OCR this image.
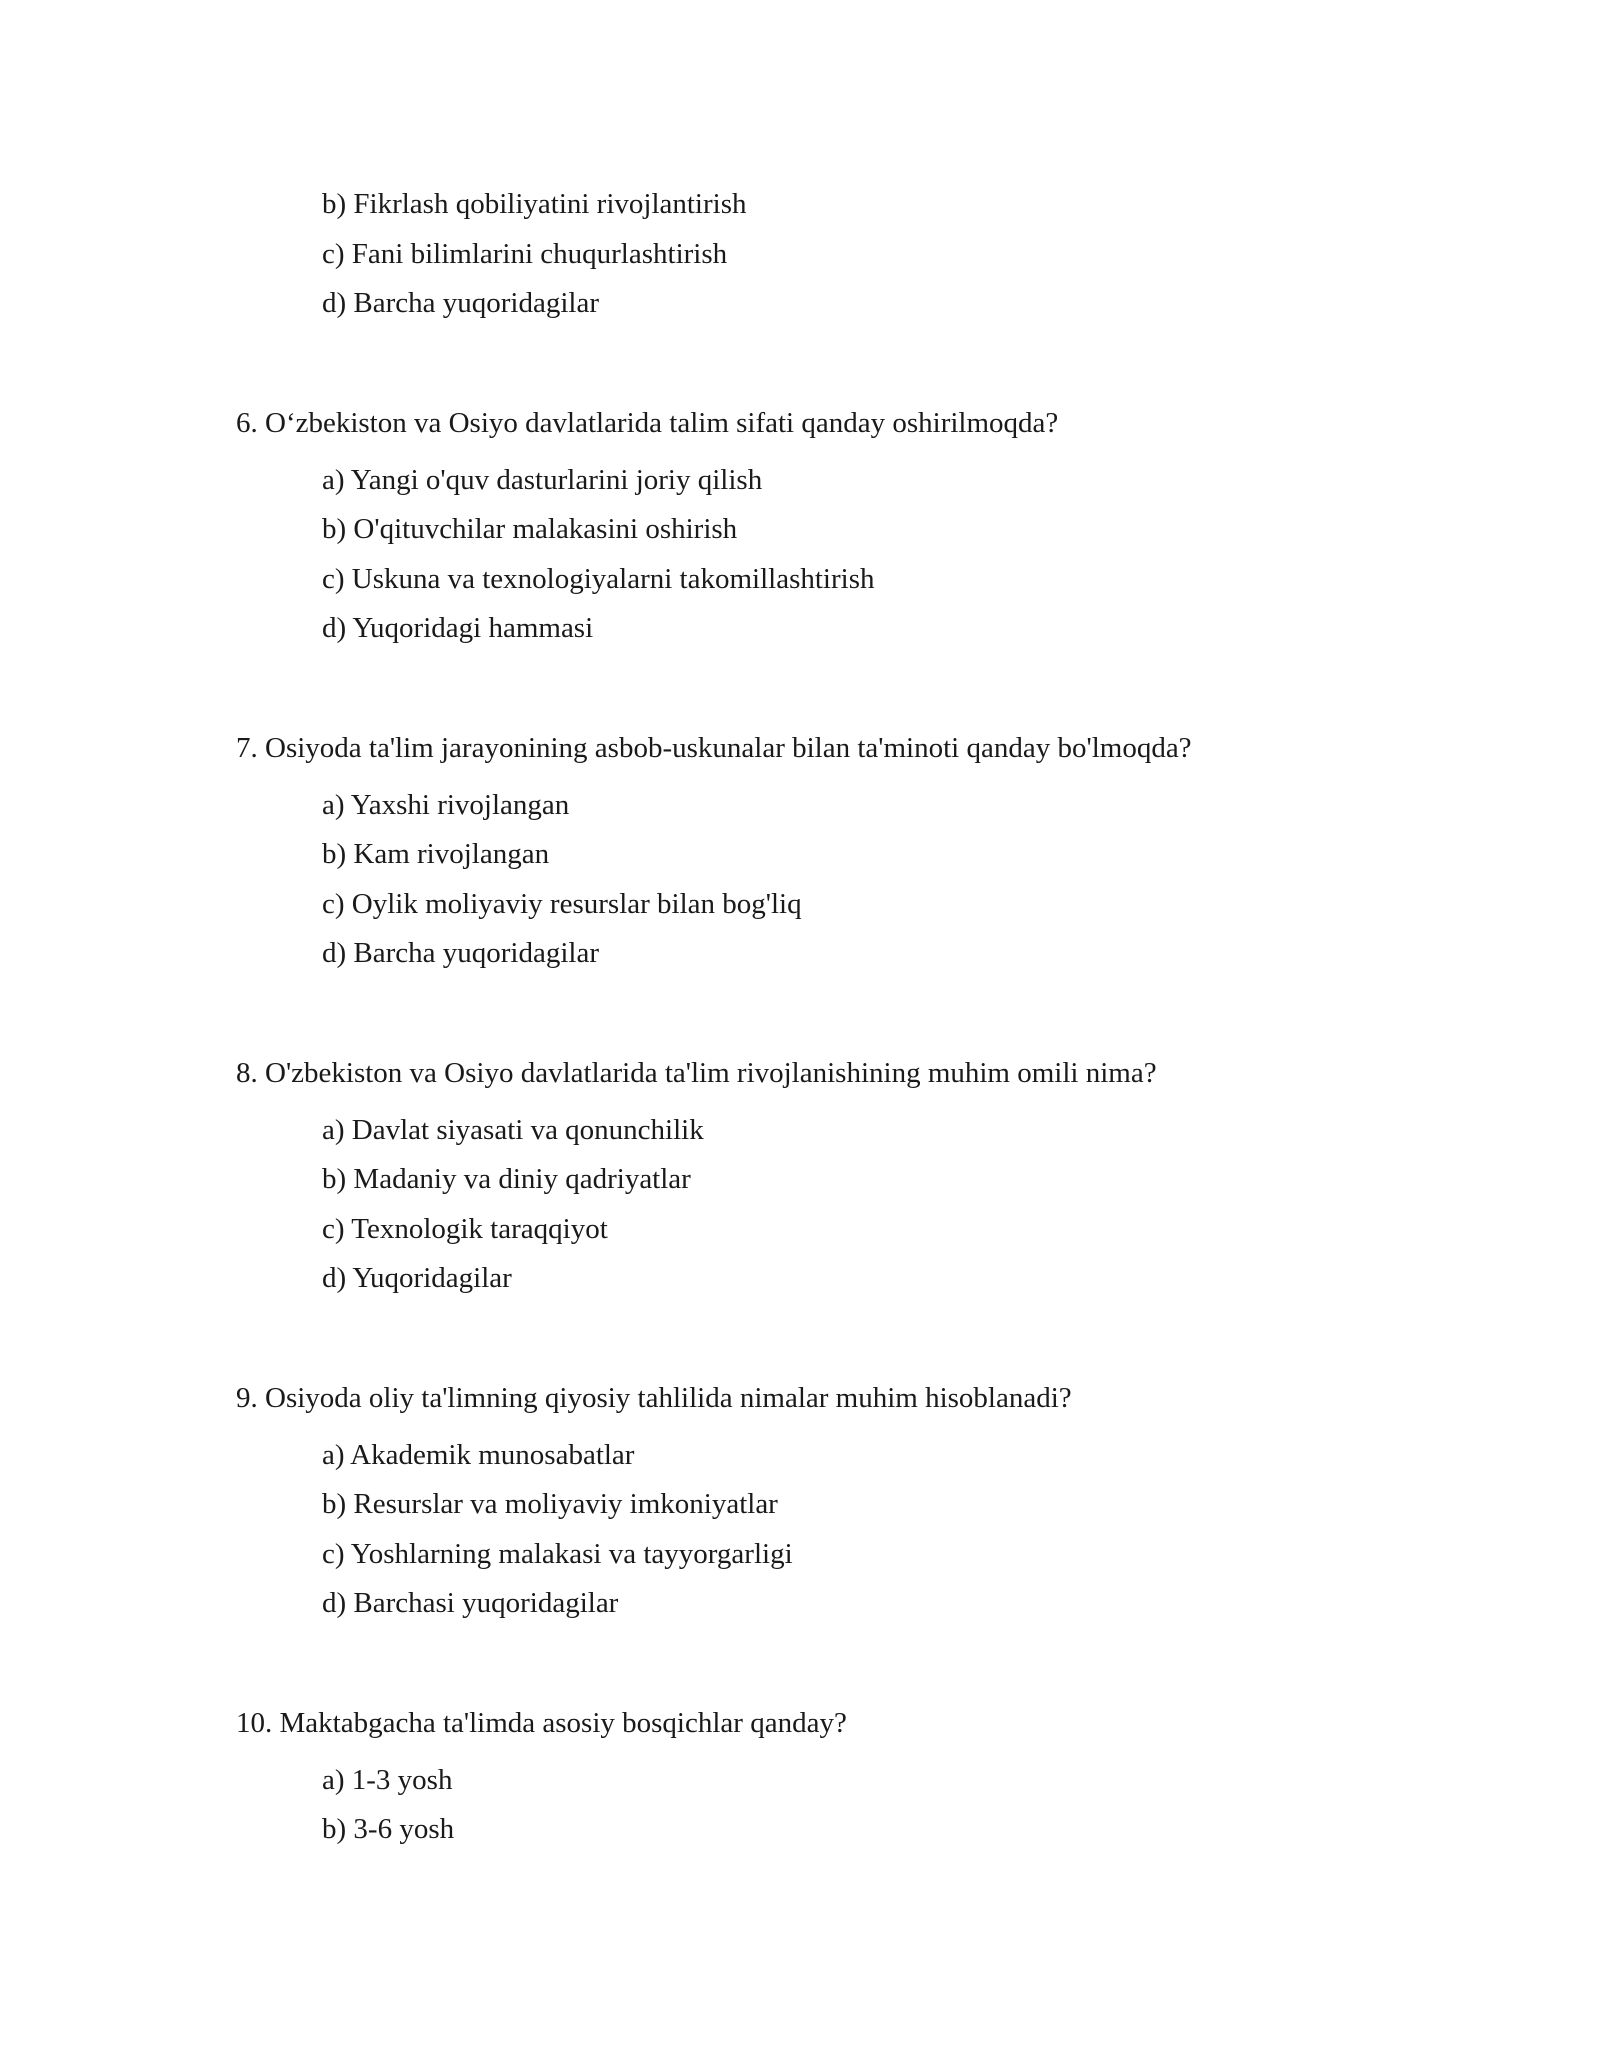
b) Fikrlash qobiliyatini rivojlantirish
c) Fani bilimlarini chuqurlashtirish
d) Barcha yuqoridagilar
6. O‘zbekiston va Osiyo davlatlarida talim sifati qanday oshirilmoqda?
a) Yangi o'quv dasturlarini joriy qilish
b) O'qituvchilar malakasini oshirish
c) Uskuna va texnologiyalarni takomillashtirish
d) Yuqoridagi hammasi
7. Osiyoda ta'lim jarayonining asbob-uskunalar bilan ta'minoti qanday bo'lmoqda?
a) Yaxshi rivojlangan
b) Kam rivojlangan
c) Oylik moliyaviy resurslar bilan bog'liq
d) Barcha yuqoridagilar
8. O'zbekiston va Osiyo davlatlarida ta'lim rivojlanishining muhim omili nima?
a) Davlat siyasati va qonunchilik
b) Madaniy va diniy qadriyatlar
c) Texnologik taraqqiyot
d) Yuqoridagilar
9. Osiyoda oliy ta'limning qiyosiy tahlilida nimalar muhim hisoblanadi?
a) Akademik munosabatlar
b) Resurslar va moliyaviy imkoniyatlar
c) Yoshlarning malakasi va tayyorgarligi
d) Barchasi yuqoridagilar
10. Maktabgacha ta'limda asosiy bosqichlar qanday?
a) 1-3 yosh
b) 3-6 yosh
